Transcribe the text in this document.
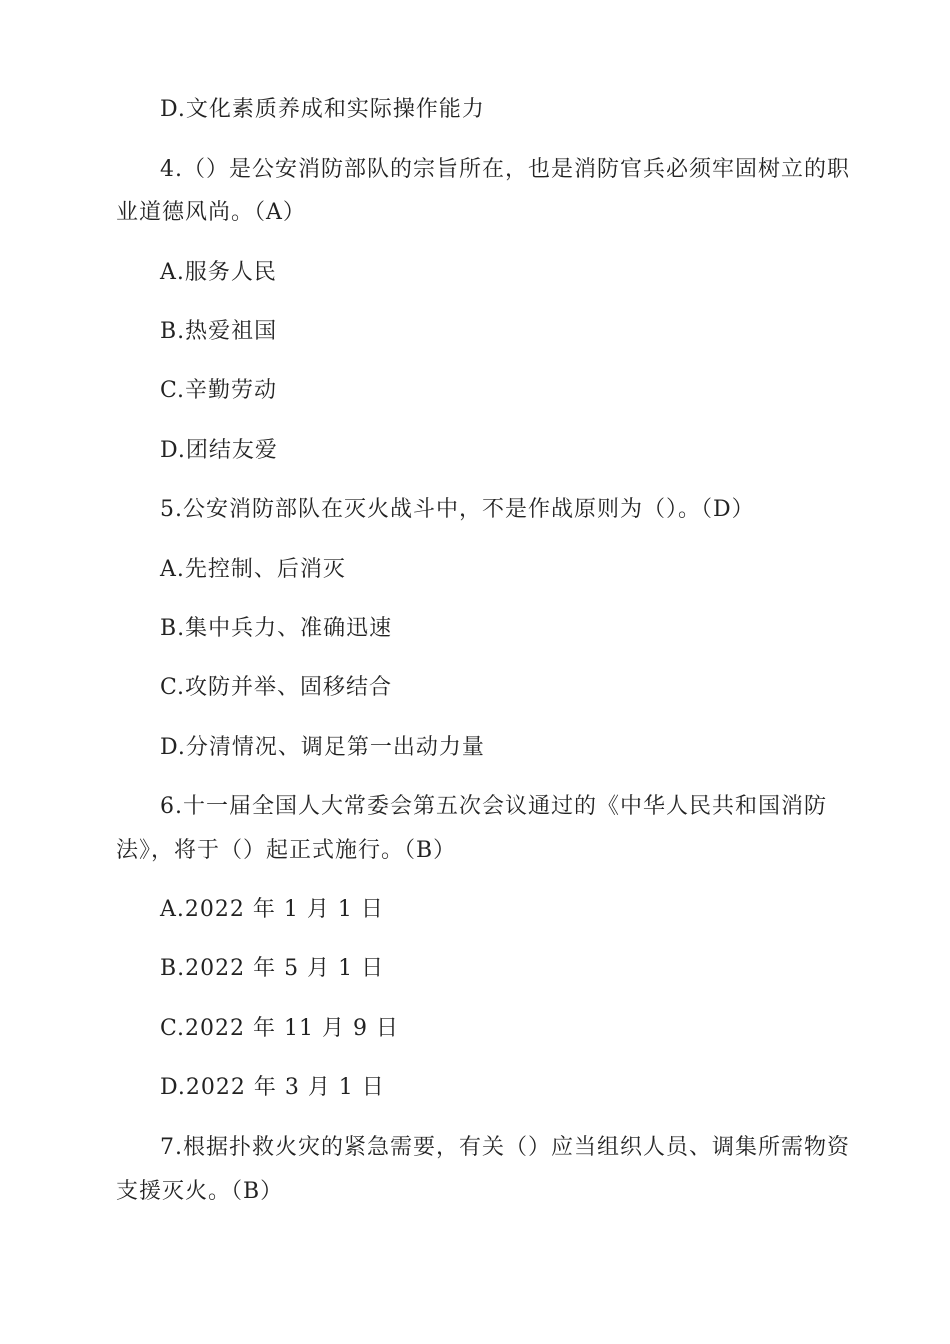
D.文化素质养成和实际操作能力
4.（）是公安消防部队的宗旨所在，也是消防官兵必须牢固树立的职
业道德风尚。（A）
A.服务人民
B.热爱祖国
C.辛勤劳动
D.团结友爱
5.公安消防部队在灭火战斗中，不是作战原则为（）。（D）
A.先控制、后消灭
B.集中兵力、准确迅速
C.攻防并举、固移结合
D.分清情况、调足第一出动力量
6.十一届全国人大常委会第五次会议通过的《中华人民共和国消防
法》，将于（）起正式施行。（B）
A.2022 年 1 月 1 日
B.2022 年 5 月 1 日
C.2022 年 11 月 9 日
D.2022 年 3 月 1 日
7.根据扑救火灾的紧急需要，有关（）应当组织人员、调集所需物资
支援灭火。（B）
